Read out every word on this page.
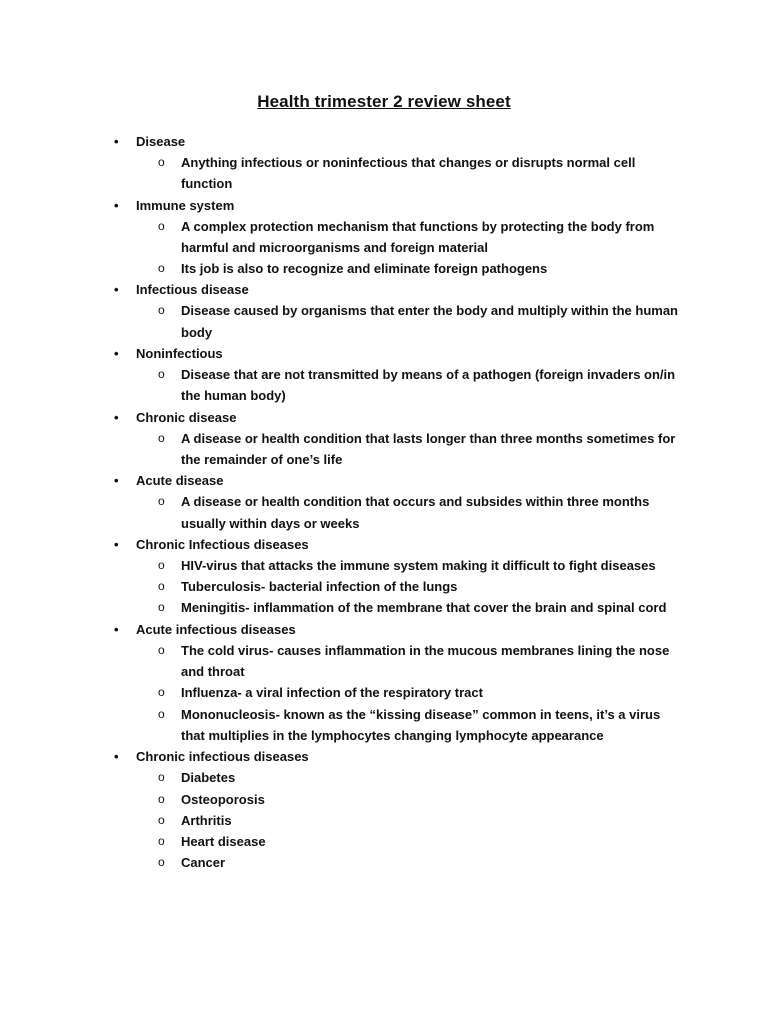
Health trimester 2 review sheet
• Disease
o Anything infectious or noninfectious that changes or disrupts normal cell function
• Immune system
o A complex protection mechanism that functions by protecting the body from harmful and microorganisms and foreign material
o Its job is also to recognize and eliminate foreign pathogens
• Infectious disease
o Disease caused by organisms that enter the body and multiply within the human body
• Noninfectious
o Disease that are not transmitted by means of a pathogen (foreign invaders on/in the human body)
• Chronic disease
o A disease or health condition that lasts longer than three months sometimes for the remainder of one’s life
• Acute disease
o A disease or health condition that occurs and subsides within three months usually within days or weeks
• Chronic Infectious diseases
o HIV-virus that attacks the immune system making it difficult to fight diseases
o Tuberculosis- bacterial infection of the lungs
o Meningitis- inflammation of the membrane that cover the brain and spinal cord
• Acute infectious diseases
o The cold virus- causes inflammation in the mucous membranes lining the nose and throat
o Influenza- a viral infection of the respiratory tract
o Mononucleosis- known as the “kissing disease” common in teens, it’s a virus that multiplies in the lymphocytes changing lymphocyte appearance
• Chronic infectious diseases
o Diabetes
o Osteoporosis
o Arthritis
o Heart disease
o Cancer
